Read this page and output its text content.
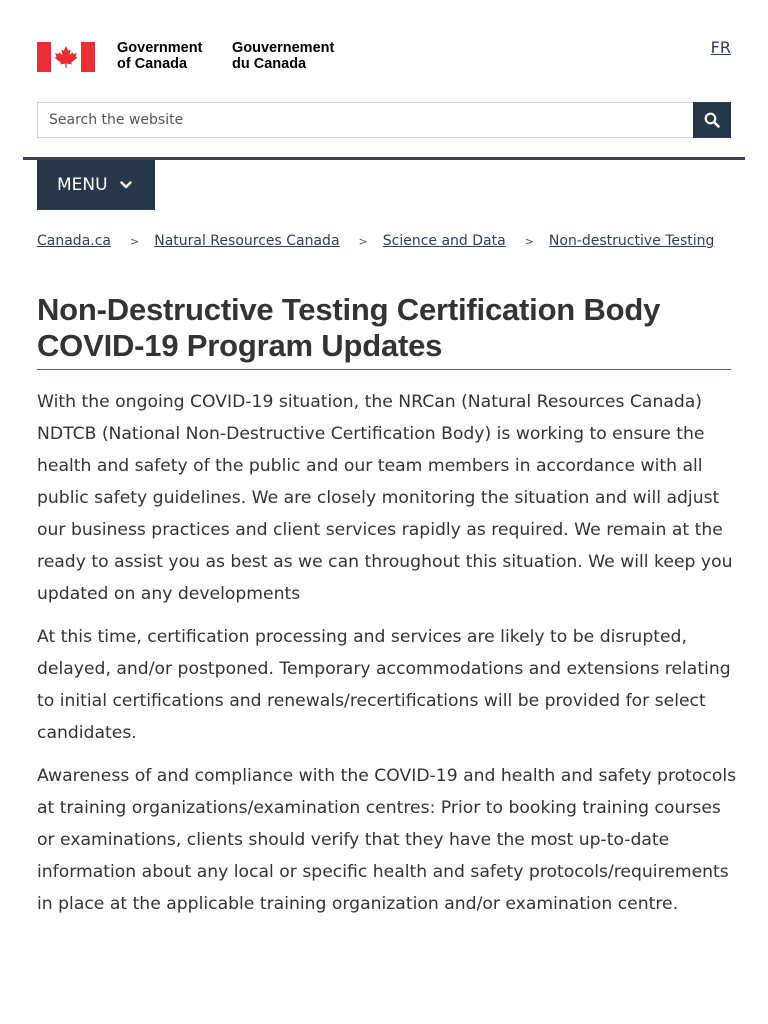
Government
of Canada
Gouvernement
du Canada
FR
Search the website
MENU
Canada.ca > Natural Resources Canada > Science and Data > Non-destructive Testing
Non-Destructive Testing Certification Body COVID-19 Program Updates

With the ongoing COVID-19 situation, the NRCan (Natural Resources Canada) NDTCB (National Non-Destructive Certification Body) is working to ensure the health and safety of the public and our team members in accordance with all public safety guidelines. We are closely monitoring the situation and will adjust our business practices and client services rapidly as required. We remain at the ready to assist you as best as we can throughout this situation. We will keep you updated on any developments

At this time, certification processing and services are likely to be disrupted, delayed, and/or postponed. Temporary accommodations and extensions relating to initial certifications and renewals/recertifications will be provided for select candidates.

Awareness of and compliance with the COVID-19 and health and safety protocols at training organizations/examination centres: Prior to booking training courses or examinations, clients should verify that they have the most up-to-date information about any local or specific health and safety protocols/requirements in place at the applicable training organization and/or examination centre.
